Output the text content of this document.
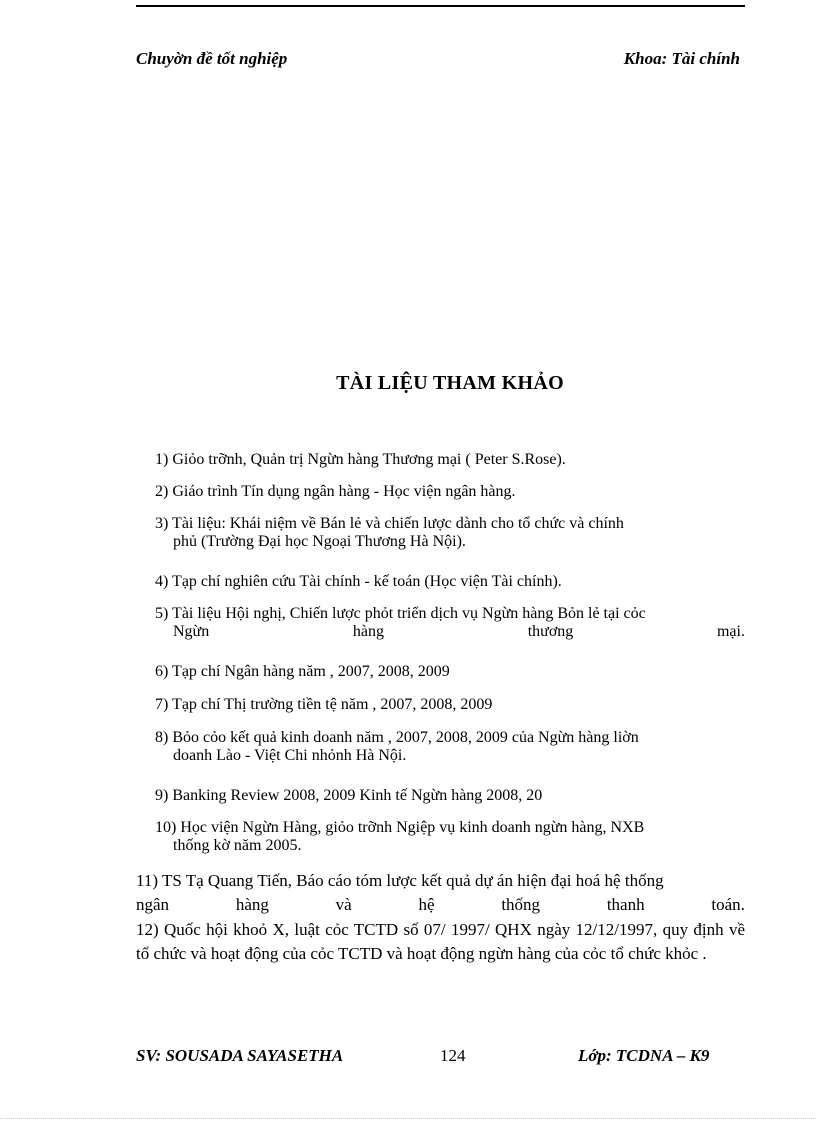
Chuyờn đề tốt nghiệp	Khoa: Tài chính
TÀI LIỆU THAM KHẢO
1) Giỏo trỡnh, Quản trị Ngừn hàng Thương mại ( Peter S.Rose).
2) Giáo trình Tín dụng ngân hàng - Học viện ngân hàng.
3) Tài liệu: Khái niệm về Bán lẻ và chiến lược dành cho tổ chức và chính
phủ (Trường Đại học Ngoại Thương Hà Nội).
4) Tạp chí nghiên cứu Tài chính - kế toán (Học viện Tài chính).
5) Tài liệu Hội nghị, Chiến lược phỏt triển dịch vụ Ngừn hàng Bỏn lẻ tại cỏc
Ngừn	hàng	thương	mại.
6) Tạp chí Ngân hàng năm , 2007, 2008, 2009
7) Tạp chí Thị trường tiền tệ năm , 2007, 2008, 2009
8) Bỏo cỏo kết quả kinh doanh năm , 2007, 2008, 2009 của Ngừn hàng liờn
doanh Lào - Việt Chi nhỏnh Hà Nội.
9) Banking Review 2008, 2009 Kinh tế Ngừn hàng 2008, 20
10) Học viện Ngừn Hàng, giỏo trỡnh Ngiệp vụ kinh doanh ngừn hàng, NXB
thống kờ năm 2005.
11) TS Tạ Quang Tiến, Báo cáo tóm lược kết quả dự án hiện đại hoá hệ thống
ngân	hàng	và	hệ	thống	thanh	toán.
12) Quốc hội khoỏ X, luật cỏc TCTD số 07/ 1997/ QHX ngày 12/12/1997, quy định về tổ chức và hoạt động của cỏc TCTD và hoạt động ngừn hàng của cỏc tổ chức khỏc .
SV: SOUSADA SAYASETHA	124	Lớp: TCDNA – K9
